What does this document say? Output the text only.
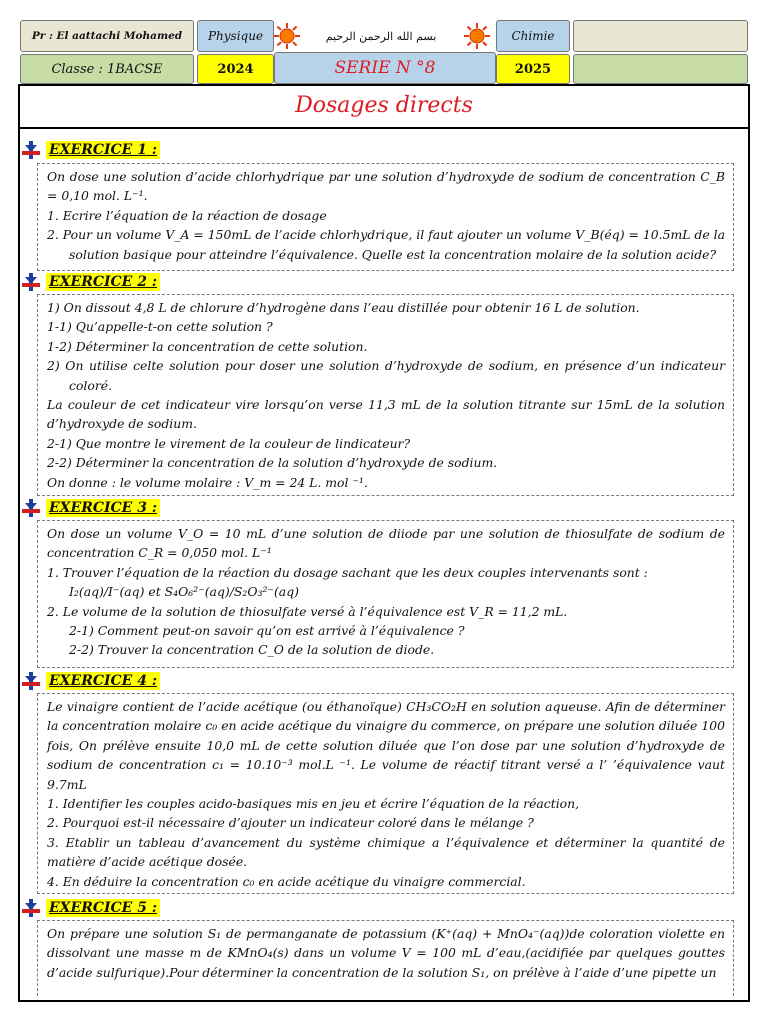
Pr : El aattachi Mohamed Physique	بسم الله الرحمن الرحيم	Chimie
Classe : 1BACSE	2024	SERIE N °8	2025
Dosages directs
EXERCICE 1 :

On dose une solution d’acide chlorhydrique par une solution d’hydroxyde de sodium de concentration C_B = 0,10 mol. L⁻¹.

1. Ecrire l’équation de la réaction de dosage

2. Pour un volume V_A = 150mL de l’acide chlorhydrique, il faut ajouter un volume V_B(éq) = 10.5mL de la solution basique pour atteindre l’équivalence. Quelle est la concentration molaire de la solution acide?

EXERCICE 2 :

1) On dissout 4,8 L de chlorure d’hydrogène dans l’eau distillée pour obtenir 16 L de solution.

1-1) Qu’appelle-t-on cette solution ?

1-2) Déterminer la concentration de cette solution.

2) On utilise celte solution pour doser une solution d’hydroxyde de sodium, en présence d’un indicateur coloré.

La couleur de cet indicateur vire lorsqu’on verse 11,3 mL de la solution titrante sur 15mL de la solution d’hydroxyde de sodium.

2-1) Que montre le virement de la couleur de lindicateur?

2-2) Déterminer la concentration de la solution d’hydroxyde de sodium.

On donne : le volume molaire : V_m = 24 L. mol ⁻¹.

EXERCICE 3 :

On dose un volume V_O = 10 mL d’une solution de diiode par une solution de thiosulfate de sodium de concentration C_R = 0,050 mol. L⁻¹

1. Trouver l’équation de la réaction du dosage sachant que les deux couples intervenants sont :

I₂(aq)/I⁻(aq) et S₄O₆²⁻(aq)/S₂O₃²⁻(aq)

2. Le volume de la solution de thiosulfate versé à l’équivalence est V_R = 11,2 mL.

2-1) Comment peut-on savoir qu’on est arrivé à l’équivalence ?

2-2) Trouver la concentration C_O de la solution de diode.

EXERCICE 4 :

Le vinaigre contient de l’acide acétique (ou éthanoïque) CH₃CO₂H en solution aqueuse. Afin de déterminer la concentration molaire c₀ en acide acétique du vinaigre du commerce, on prépare une solution diluée 100 fois, On prélève ensuite 10,0 mL de cette solution diluée que l’on dose par une solution d’hydroxyde de sodium de concentration c₁ = 10.10⁻³ mol.L ⁻¹. Le volume de réactif titrant versé a l’ ’équivalence vaut 9.7mL

1. Identifier les couples acido-basiques mis en jeu et écrire l’équation de la réaction,

2. Pourquoi est-il nécessaire d’ajouter un indicateur coloré dans le mélange ?

3. Etablir un tableau d’avancement du système chimique a l’équivalence et déterminer la quantité de matière d’acide acétique dosée.

4. En déduire la concentration c₀ en acide acétique du vinaigre commercial.

EXERCICE 5 :

On prépare une solution S₁ de permanganate de potassium (K⁺(aq) + MnO₄⁻(aq))de coloration violette en dissolvant une masse m de KMnO₄(s) dans un volume V = 100 mL d’eau,(acidifiée par quelques gouttes d’acide sulfurique).Pour déterminer la concentration de la solution S₁, on prélève à l’aide d’une pipette un
